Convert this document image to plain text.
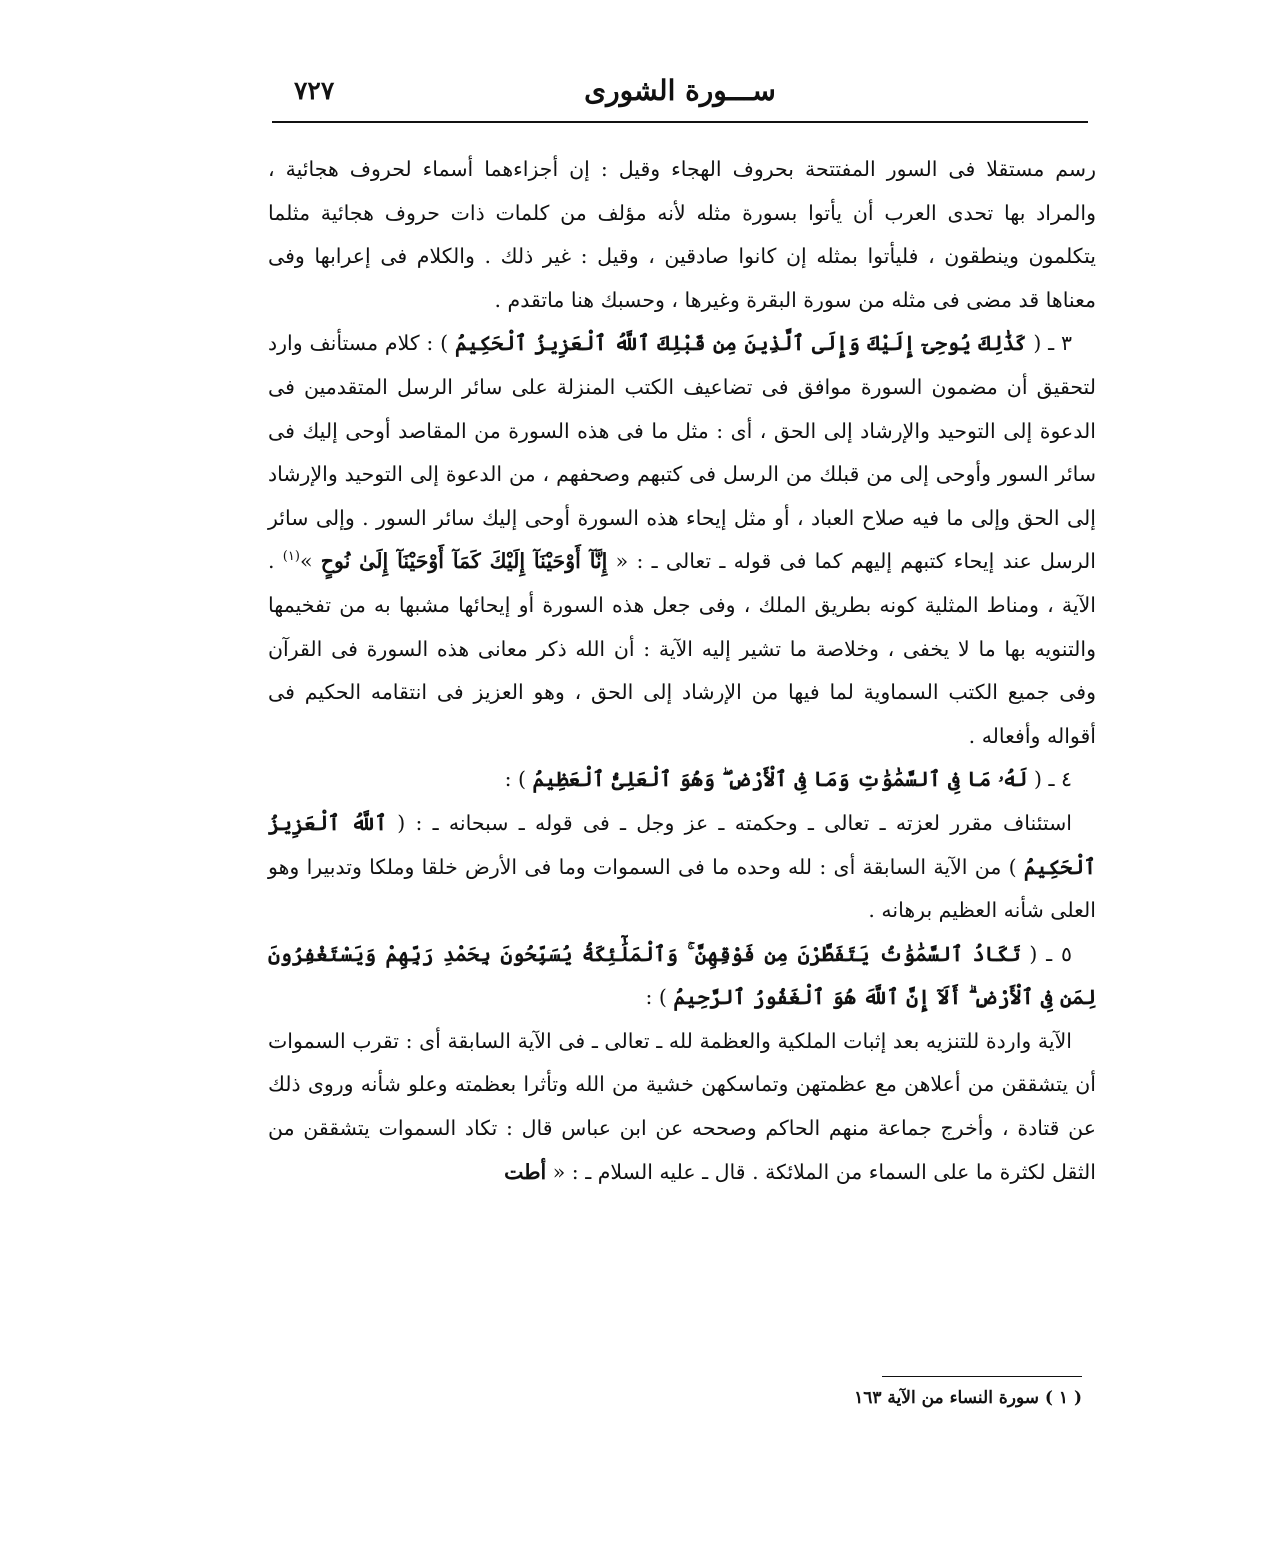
٧٢٧	ســـورة الشورى

رسم مستقلا فى السور المفتتحة بحروف الهجاء وقيل : إن أجزاءهما أسماء لحروف هجائية ، والمراد بها تحدى العرب أن يأتوا بسورة مثله لأنه مؤلف من كلمات ذات حروف هجائية مثلما يتكلمون وينطقون ، فليأتوا بمثله إن كانوا صادقين ، وقيل : غير ذلك . والكلام فى إعرابها وفى معناها قد مضى فى مثله من سورة البقرة وغيرها ، وحسبك هنا ماتقدم .

٣ ـ ( كَذَٰلِكَ يُوحِىٓ إِلَيْكَ وَإِلَى ٱلَّذِينَ مِن قَبْلِكَ ٱللَّهُ ٱلْعَزِيزُ ٱلْحَكِيمُ ) : كلام مستأنف وارد لتحقيق أن مضمون السورة موافق فى تضاعيف الكتب المنزلة على سائر الرسل المتقدمين فى الدعوة إلى التوحيد والإرشاد إلى الحق ، أى : مثل ما فى هذه السورة من المقاصد أوحى إليك فى سائر السور وأوحى إلى من قبلك من الرسل فى كتبهم وصحفهم ، من الدعوة إلى التوحيد والإرشاد إلى الحق وإلى ما فيه صلاح العباد ، أو مثل إيحاء هذه السورة أوحى إليك سائر السور . وإلى سائر الرسل عند إيحاء كتبهم إليهم كما فى قوله ـ تعالى ـ : « إِنَّآ أَوْحَيْنَآ إِلَيْكَ كَمَآ أَوْحَيْنَآ إِلَىٰ نُوحٍ »$^{(١)}$ . الآية ، ومناط المثلية كونه بطريق الملك ، وفى جعل هذه السورة أو إيحائها مشبها به من تفخيمها والتنويه بها ما لا يخفى ، وخلاصة ما تشير إليه الآية : أن الله ذكر معانى هذه السورة فى القرآن وفى جميع الكتب السماوية لما فيها من الإرشاد إلى الحق ، وهو العزيز فى انتقامه الحكيم فى أقواله وأفعاله .

٤ ـ ( لَهُۥ مَا فِى ٱلسَّمَٰوَٰتِ وَمَا فِى ٱلْأَرْضِ ۖ وَهُوَ ٱلْعَلِىُّ ٱلْعَظِيمُ ) :

استئناف مقرر لعزته ـ تعالى ـ وحكمته ـ عز وجل ـ فى قوله ـ سبحانه ـ : ( ٱللَّهُ ٱلْعَزِيزُ ٱلْحَكِيمُ ) من الآية السابقة أى : لله وحده ما فى السموات وما فى الأرض خلقا وملكا وتدبيرا وهو العلى شأنه العظيم برهانه .

٥ ـ ( تَكَادُ ٱلسَّمَٰوَٰتُ يَتَفَطَّرْنَ مِن فَوْقِهِنَّ ۚ وَٱلْمَلَٰٓئِكَةُ يُسَبِّحُونَ بِحَمْدِ رَبِّهِمْ وَيَسْتَغْفِرُونَ لِمَن فِى ٱلْأَرْضِ ۗ أَلَآ إِنَّ ٱللَّهَ هُوَ ٱلْغَفُورُ ٱلرَّحِيمُ ) :

الآية واردة للتنزيه بعد إثبات الملكية والعظمة لله ـ تعالى ـ فى الآية السابقة أى : تقرب السموات أن يتشققن من أعلاهن مع عظمتهن وتماسكهن خشية من الله وتأثرا بعظمته وعلو شأنه وروى ذلك عن قتادة ، وأخرج جماعة منهم الحاكم وصححه عن ابن عباس قال : تكاد السموات يتشققن من الثقل لكثرة ما على السماء من الملائكة . قال ـ عليه السلام ـ : « أطت

( ١ ) سورة النساء من الآية ١٦٣
